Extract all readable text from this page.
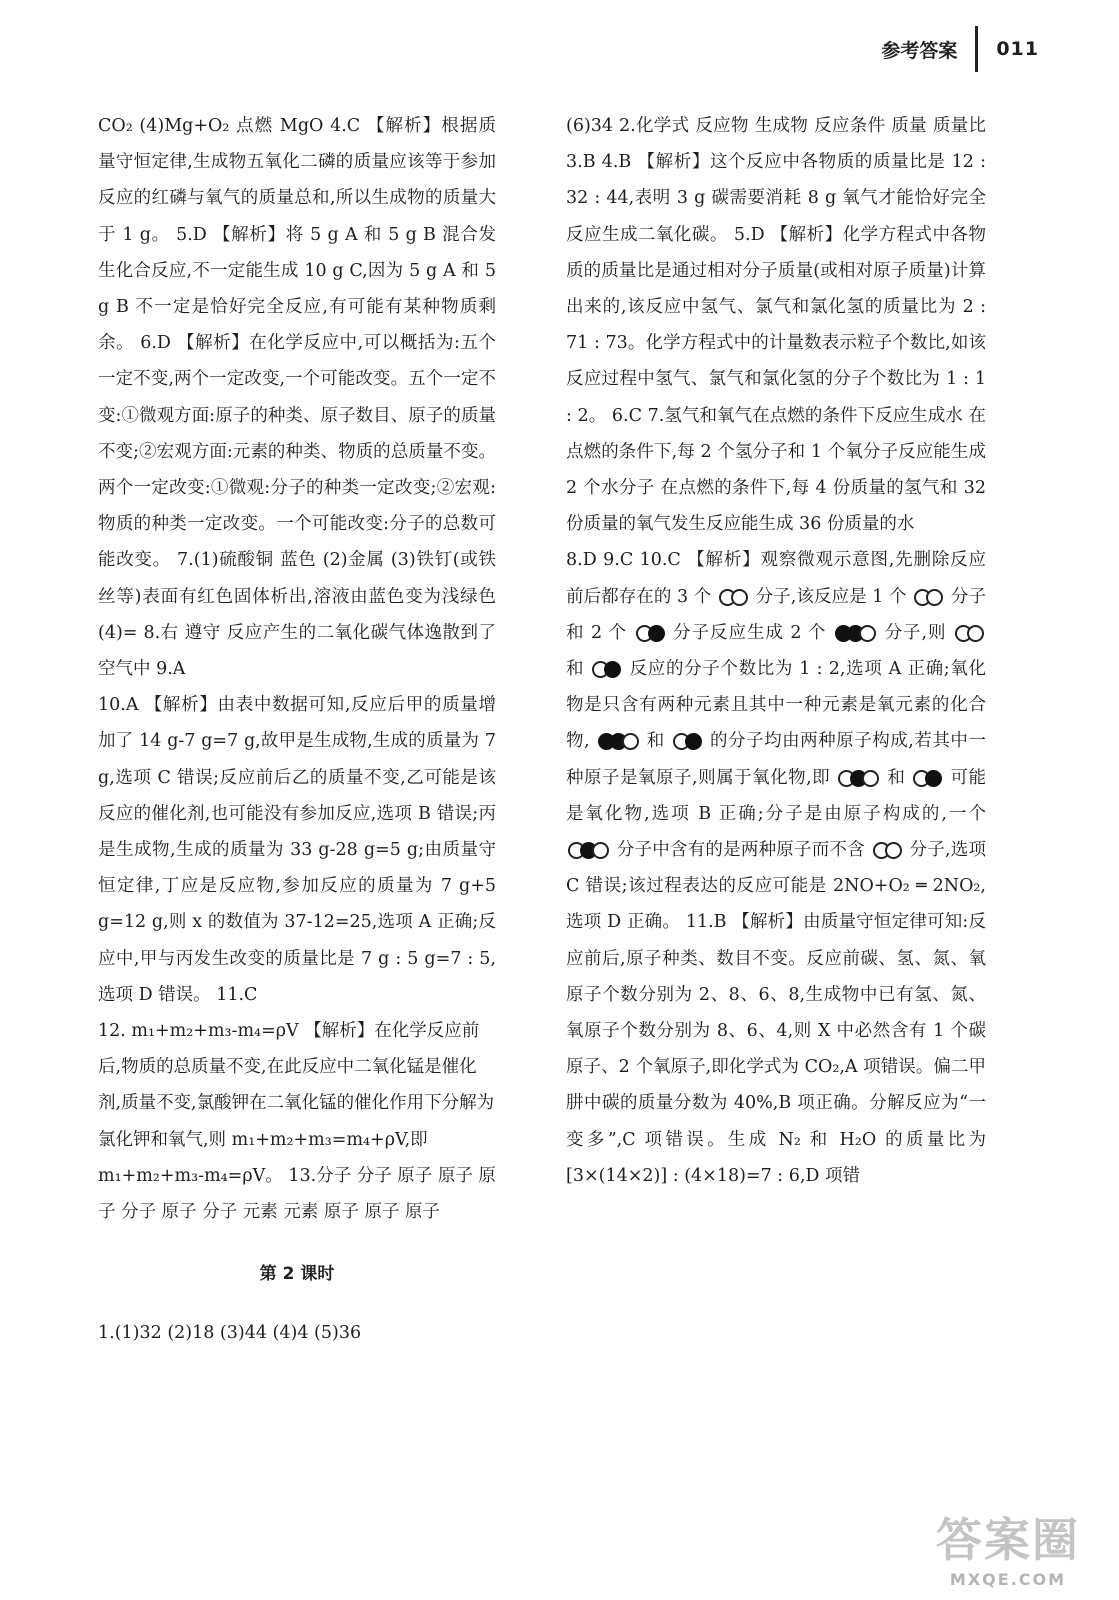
参考答案 011

CO₂ (4)Mg+O₂ 点燃 MgO 4.C 【解析】根据质量守恒定律,生成物五氧化二磷的质量应该等于参加反应的红磷与氧气的质量总和,所以生成物的质量大于 1 g。 5.D 【解析】将 5 g A 和 5 g B 混合发生化合反应,不一定能生成 10 g C,因为 5 g A 和 5 g B 不一定是恰好完全反应,有可能有某种物质剩余。 6.D 【解析】在化学反应中,可以概括为:五个一定不变,两个一定改变,一个可能改变。五个一定不变:①微观方面:原子的种类、原子数目、原子的质量不变;②宏观方面:元素的种类、物质的总质量不变。两个一定改变:①微观:分子的种类一定改变;②宏观:物质的种类一定改变。一个可能改变:分子的总数可能改变。 7.(1)硫酸铜 蓝色 (2)金属 (3)铁钉(或铁丝等)表面有红色固体析出,溶液由蓝色变为浅绿色 (4)= 8.右 遵守 反应产生的二氧化碳气体逸散到了空气中 9.A

10.A 【解析】由表中数据可知,反应后甲的质量增加了 14 g-7 g=7 g,故甲是生成物,生成的质量为 7 g,选项 C 错误;反应前后乙的质量不变,乙可能是该反应的催化剂,也可能没有参加反应,选项 B 错误;丙是生成物,生成的质量为 33 g-28 g=5 g;由质量守恒定律,丁应是反应物,参加反应的质量为 7 g+5 g=12 g,则 x 的数值为 37-12=25,选项 A 正确;反应中,甲与丙发生改变的质量比是 7 g : 5 g=7 : 5,选项 D 错误。 11.C

12. m₁+m₂+m₃-m₄=ρV 【解析】在化学反应前后,物质的总质量不变,在此反应中二氧化锰是催化剂,质量不变,氯酸钾在二氧化锰的催化作用下分解为氯化钾和氧气,则 m₁+m₂+m₃=m₄+ρV,即 m₁+m₂+m₃-m₄=ρV。 13.分子 分子 原子 原子 原子 分子 原子 分子 元素 元素 原子 原子 原子

第 2 课时

1.(1)32 (2)18 (3)44 (4)4 (5)36

(6)34 2.化学式 反应物 生成物 反应条件 质量 质量比 3.B 4.B 【解析】这个反应中各物质的质量比是 12 : 32 : 44,表明 3 g 碳需要消耗 8 g 氧气才能恰好完全反应生成二氧化碳。 5.D 【解析】化学方程式中各物质的质量比是通过相对分子质量(或相对原子质量)计算出来的,该反应中氢气、氯气和氯化氢的质量比为 2 : 71 : 73。化学方程式中的计量数表示粒子个数比,如该反应过程中氢气、氯气和氯化氢的分子个数比为 1 : 1 : 2。 6.C 7.氢气和氧气在点燃的条件下反应生成水 在点燃的条件下,每 2 个氢分子和 1 个氧分子反应能生成 2 个水分子 在点燃的条件下,每 4 份质量的氢气和 32 份质量的氧气发生反应能生成 36 份质量的水

8.D 9.C 10.C 【解析】观察微观示意图,先删除反应前后都存在的 3 个	分子,该反应是 1 个	分子和 2 个	分子反应生成 2 个	分子,则
和	反应的分子个数比为 1 : 2,选项 A 正确;氧化物是只含有两种元素且其中一种元素是氧元素的化合物,	和	的分子均由两种原子构成,若其中一种原子是氧原子,则属于氧化物,即	和	可能是氧化物,选项 B 正确;分子是由原子构成的,一个
分子中含有的是两种原子而不含	分子,选项 C 错误;该过程表达的反应可能是 2NO+O₂ ═ 2NO₂,选项 D 正确。 11.B 【解析】由质量守恒定律可知:反应前后,原子种类、数目不变。反应前碳、氢、氮、氧原子个数分别为 2、8、6、8,生成物中已有氢、氮、氧原子个数分别为 8、6、4,则 X 中必然含有 1 个碳原子、2 个氧原子,即化学式为 CO₂,A 项错误。偏二甲肼中碳的质量分数为 40%,B 项正确。分解反应为“一变多”,C 项错误。生成 N₂ 和 H₂O 的质量比为[3×(14×2)] : (4×18)=7 : 6,D 项错

答案圈
MXQE.COM
